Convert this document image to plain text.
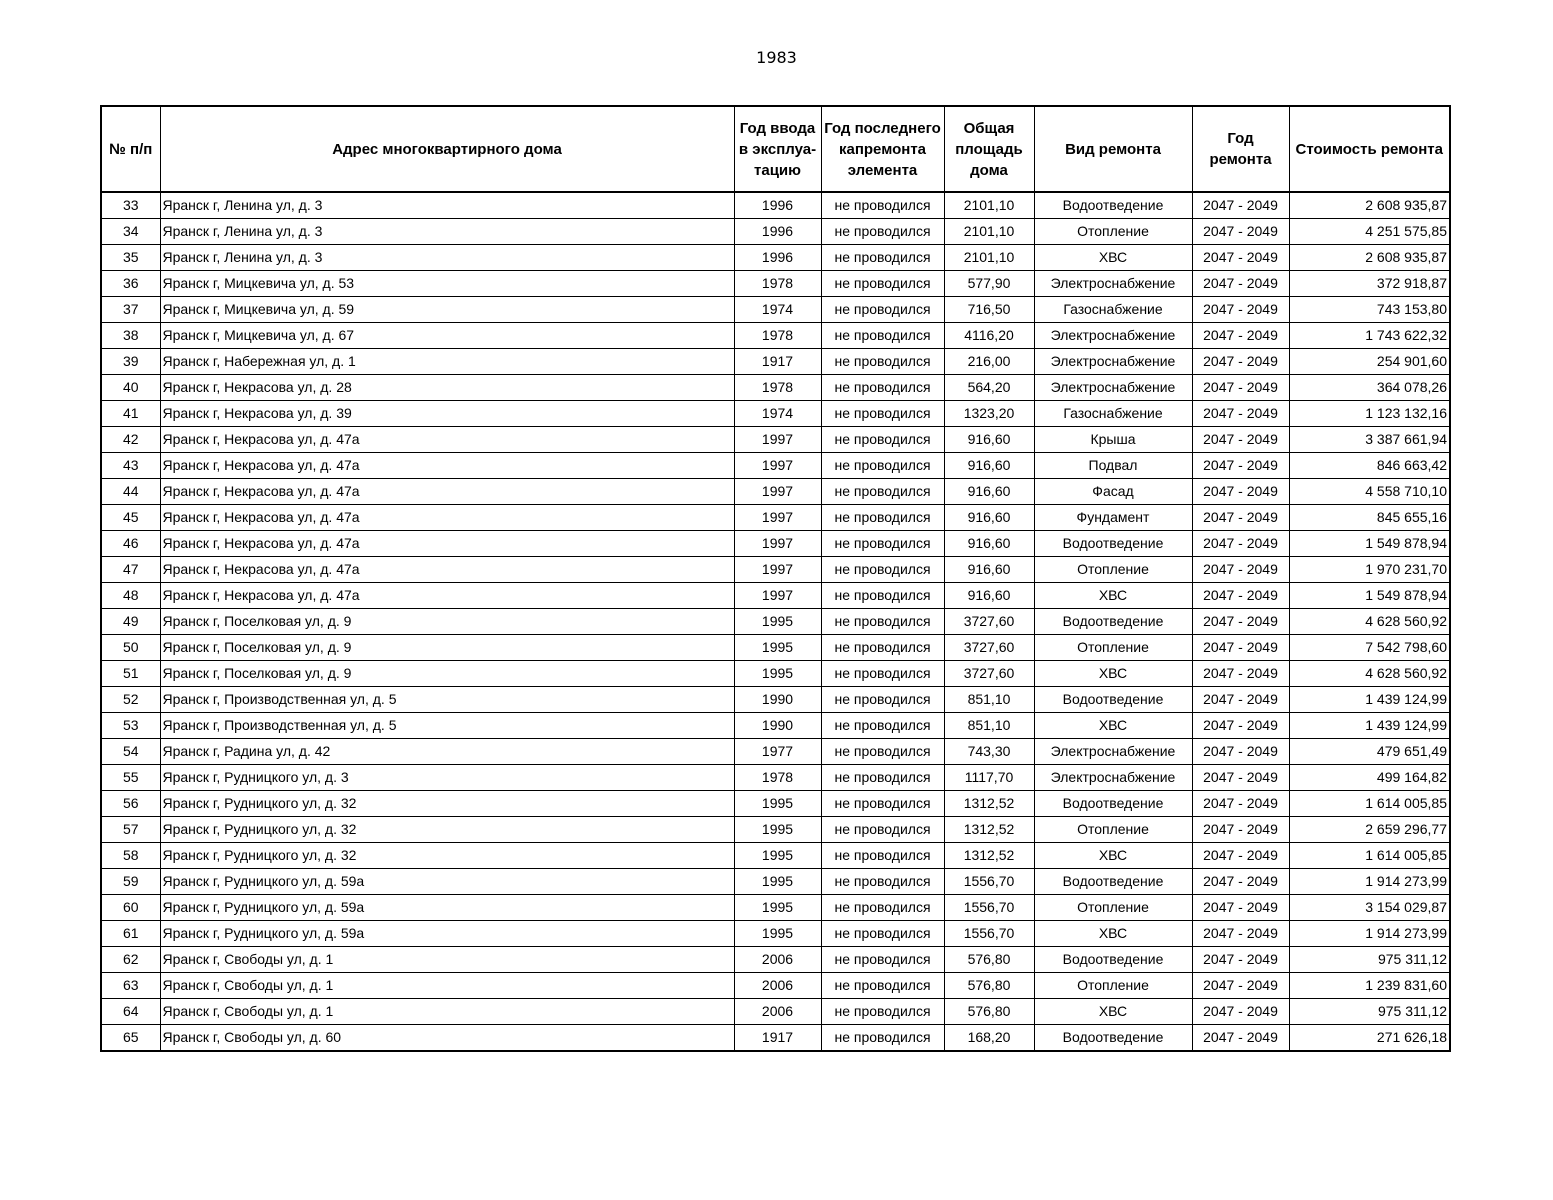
1983
№ п/п	Адрес многоквартирного дома	Год ввода в эксплуа-тацию	Год последнего капремонта элемента	Общая площадь дома	Вид ремонта	Год ремонта	Стоимость ремонта
33	Яранск г, Ленина ул, д. 3	1996	не проводился	2101,10	Водоотведение	2047 - 2049	2 608 935,87
34	Яранск г, Ленина ул, д. 3	1996	не проводился	2101,10	Отопление	2047 - 2049	4 251 575,85
35	Яранск г, Ленина ул, д. 3	1996	не проводился	2101,10	ХВС	2047 - 2049	2 608 935,87
36	Яранск г, Мицкевича ул, д. 53	1978	не проводился	577,90	Электроснабжение	2047 - 2049	372 918,87
37	Яранск г, Мицкевича ул, д. 59	1974	не проводился	716,50	Газоснабжение	2047 - 2049	743 153,80
38	Яранск г, Мицкевича ул, д. 67	1978	не проводился	4116,20	Электроснабжение	2047 - 2049	1 743 622,32
39	Яранск г, Набережная ул, д. 1	1917	не проводился	216,00	Электроснабжение	2047 - 2049	254 901,60
40	Яранск г, Некрасова ул, д. 28	1978	не проводился	564,20	Электроснабжение	2047 - 2049	364 078,26
41	Яранск г, Некрасова ул, д. 39	1974	не проводился	1323,20	Газоснабжение	2047 - 2049	1 123 132,16
42	Яранск г, Некрасова ул, д. 47а	1997	не проводился	916,60	Крыша	2047 - 2049	3 387 661,94
43	Яранск г, Некрасова ул, д. 47а	1997	не проводился	916,60	Подвал	2047 - 2049	846 663,42
44	Яранск г, Некрасова ул, д. 47а	1997	не проводился	916,60	Фасад	2047 - 2049	4 558 710,10
45	Яранск г, Некрасова ул, д. 47а	1997	не проводился	916,60	Фундамент	2047 - 2049	845 655,16
46	Яранск г, Некрасова ул, д. 47а	1997	не проводился	916,60	Водоотведение	2047 - 2049	1 549 878,94
47	Яранск г, Некрасова ул, д. 47а	1997	не проводился	916,60	Отопление	2047 - 2049	1 970 231,70
48	Яранск г, Некрасова ул, д. 47а	1997	не проводился	916,60	ХВС	2047 - 2049	1 549 878,94
49	Яранск г, Поселковая ул, д. 9	1995	не проводился	3727,60	Водоотведение	2047 - 2049	4 628 560,92
50	Яранск г, Поселковая ул, д. 9	1995	не проводился	3727,60	Отопление	2047 - 2049	7 542 798,60
51	Яранск г, Поселковая ул, д. 9	1995	не проводился	3727,60	ХВС	2047 - 2049	4 628 560,92
52	Яранск г, Производственная ул, д. 5	1990	не проводился	851,10	Водоотведение	2047 - 2049	1 439 124,99
53	Яранск г, Производственная ул, д. 5	1990	не проводился	851,10	ХВС	2047 - 2049	1 439 124,99
54	Яранск г, Радина ул, д. 42	1977	не проводился	743,30	Электроснабжение	2047 - 2049	479 651,49
55	Яранск г, Рудницкого ул, д. 3	1978	не проводился	1117,70	Электроснабжение	2047 - 2049	499 164,82
56	Яранск г, Рудницкого ул, д. 32	1995	не проводился	1312,52	Водоотведение	2047 - 2049	1 614 005,85
57	Яранск г, Рудницкого ул, д. 32	1995	не проводился	1312,52	Отопление	2047 - 2049	2 659 296,77
58	Яранск г, Рудницкого ул, д. 32	1995	не проводился	1312,52	ХВС	2047 - 2049	1 614 005,85
59	Яранск г, Рудницкого ул, д. 59а	1995	не проводился	1556,70	Водоотведение	2047 - 2049	1 914 273,99
60	Яранск г, Рудницкого ул, д. 59а	1995	не проводился	1556,70	Отопление	2047 - 2049	3 154 029,87
61	Яранск г, Рудницкого ул, д. 59а	1995	не проводился	1556,70	ХВС	2047 - 2049	1 914 273,99
62	Яранск г, Свободы ул, д. 1	2006	не проводился	576,80	Водоотведение	2047 - 2049	975 311,12
63	Яранск г, Свободы ул, д. 1	2006	не проводился	576,80	Отопление	2047 - 2049	1 239 831,60
64	Яранск г, Свободы ул, д. 1	2006	не проводился	576,80	ХВС	2047 - 2049	975 311,12
65	Яранск г, Свободы ул, д. 60	1917	не проводился	168,20	Водоотведение	2047 - 2049	271 626,18
